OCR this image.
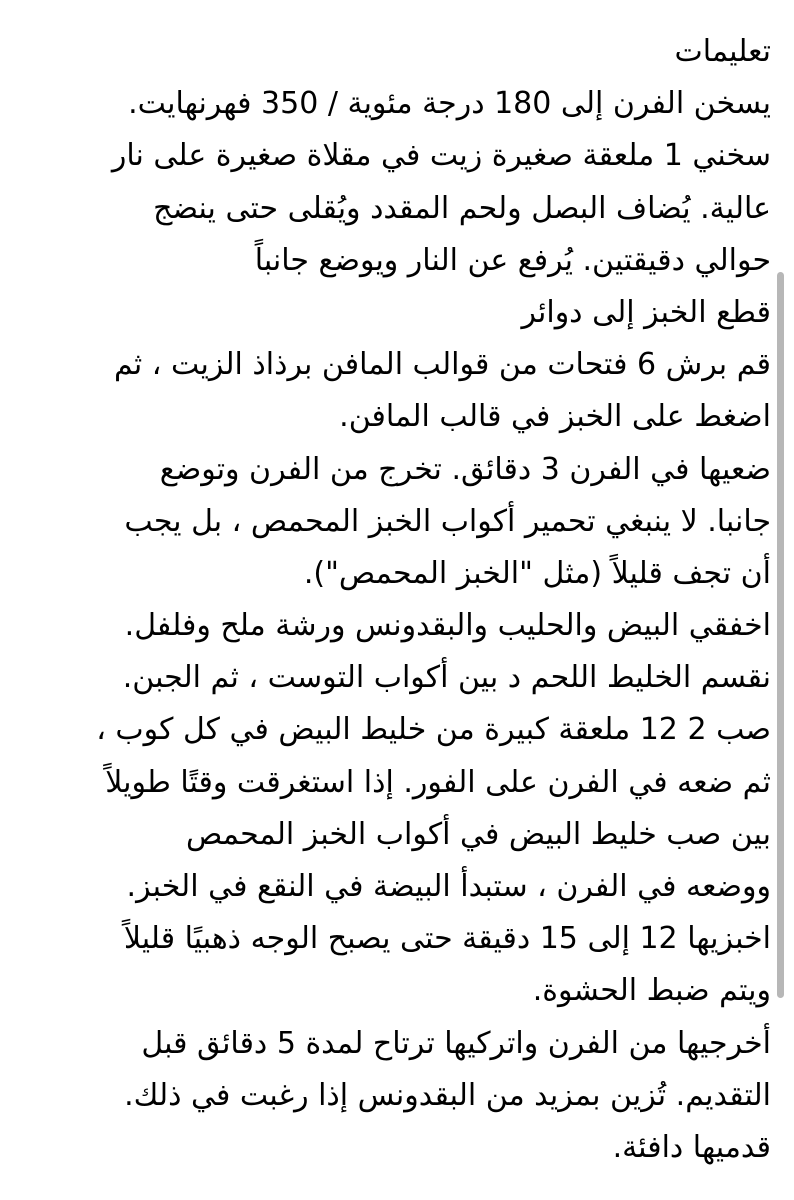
تعليمات
يسخن الفرن إلى 180 درجة مئوية / 350 فهرنهايت.
سخني 1 ملعقة صغيرة زيت في مقلاة صغيرة على نار
عالية. يُضاف البصل ولحم المقدد ويُقلى حتى ينضج
حوالي دقيقتين. يُرفع عن النار ويوضع جانباً
قطع الخبز إلى دوائر
قم برش 6 فتحات من قوالب المافن برذاذ الزيت ، ثم
اضغط على الخبز في قالب المافن.
ضعيها في الفرن 3 دقائق. تخرج من الفرن وتوضع
جانبا. لا ينبغي تحمير أكواب الخبز المحمص ، بل يجب
أن تجف قليلاً (مثل "الخبز المحمص").
اخفقي البيض والحليب والبقدونس ورشة ملح وفلفل.
نقسم الخليط اللحم د بين أكواب التوست ، ثم الجبن.
صب 2 12 ملعقة كبيرة من خليط البيض في كل كوب ،
ثم ضعه في الفرن على الفور. إذا استغرقت وقتًا طويلاً
بين صب خليط البيض في أكواب الخبز المحمص
ووضعه في الفرن ، ستبدأ البيضة في النقع في الخبز.
اخبزيها 12 إلى 15 دقيقة حتى يصبح الوجه ذهبيًا قليلاً
ويتم ضبط الحشوة.
أخرجيها من الفرن واتركيها ترتاح لمدة 5 دقائق قبل
التقديم. تُزين بمزيد من البقدونس إذا رغبت في ذلك.
قدميها دافئة.
